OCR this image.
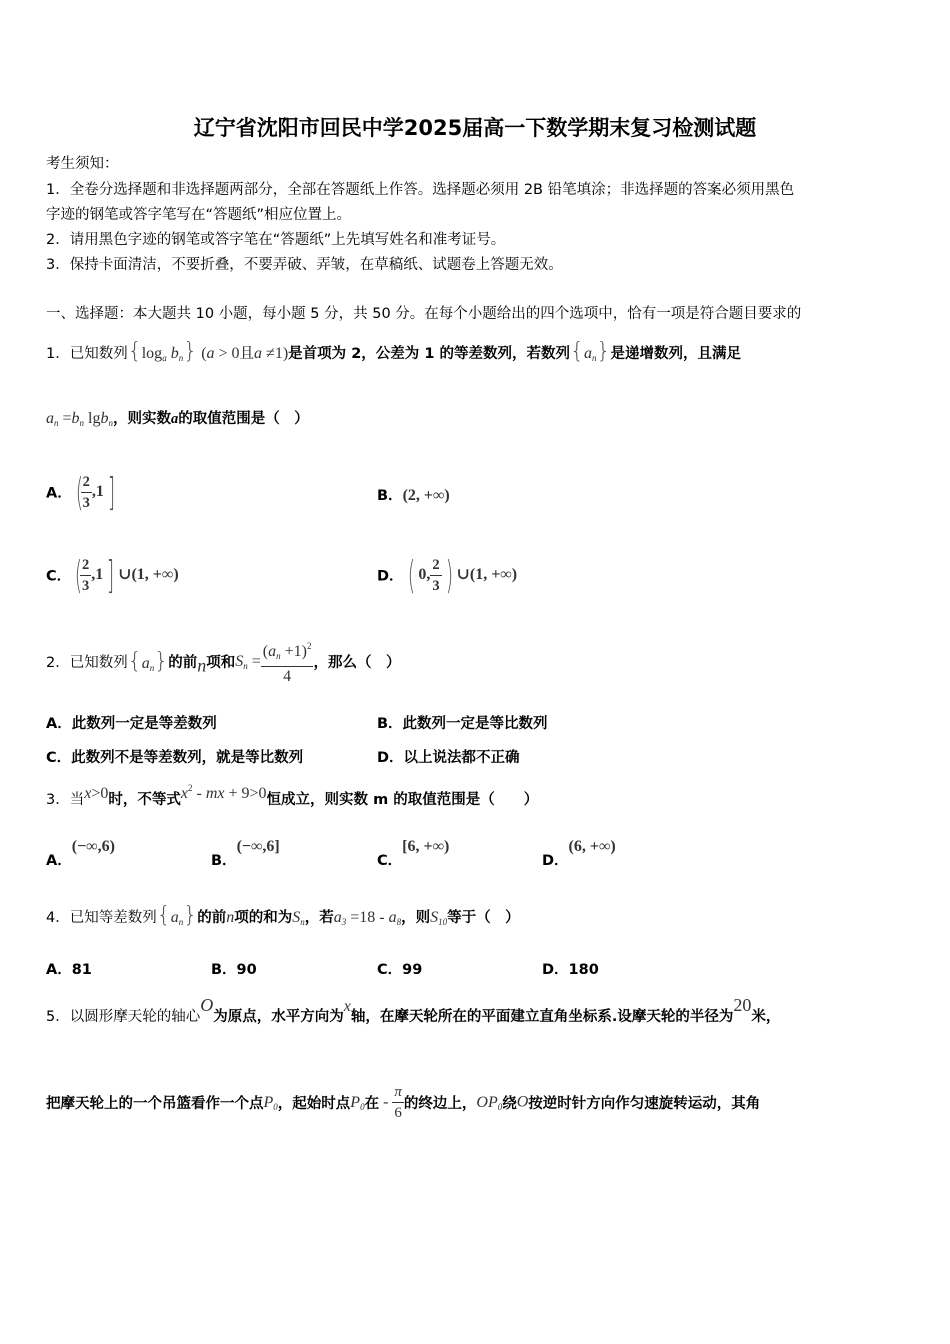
辽宁省沈阳市回民中学2025届高一下数学期末复习检测试题
考生须知：
1．全卷分选择题和非选择题两部分，全部在答题纸上作答。选择题必须用 2B 铅笔填涂；非选择题的答案必须用黑色
字迹的钢笔或答字笔写在“答题纸”相应位置上。
2．请用黑色字迹的钢笔或答字笔在“答题纸”上先填写姓名和准考证号。
3．保持卡面清洁，不要折叠，不要弄破、弄皱，在草稿纸、试题卷上答题无效。
一、选择题：本大题共 10 小题，每小题 5 分，共 50 分。在每个小题给出的四个选项中，恰有一项是符合题目要求的
1．已知数列{$\log_a$ $b_n$} (a > 0且a ≠1)是首项为 2，公差为 1 的等差数列，若数列$\{a_n\}$是递增数列，且满足
$a_n =b_n$ lgb$_n$，则实数a的取值范围是（　）
A．(
$\frac{2}{3} ,1$]	B．(2, +∞)
C．(
$\frac{2}{3} ,1$] ∪(1, +∞)	D．( 0, $\frac{2}{3}$ ) ∪(1, +∞)
2．已知数列$\{a_n\}$的前n项和$S_n = \frac{(a_n +1)^2}{4}$ ，那么（　）
A．此数列一定是等差数列	B．此数列一定是等比数列
C．此数列不是等差数列，就是等比数列	D．以上说法都不正确
3．当x>0时，不等式$x^2$ - mx + 9>0恒成立，则实数 m 的取值范围是（　　）
A．(−∞,6)
B．(−∞,6]
C．[6, +∞)
D．(6, +∞)
4．已知等差数列$\{a_n\}$的前n项的和为$S_n$，若$a_3 =18 - a_8$，则$S_{10}$等于（　）
A．81	B．90	C．99	D．180
5．以圆形摩天轮的轴心O为原点，水平方向为x轴，在摩天轮所在的平面建立直角坐标系.设摩天轮的半径为20米，
把摩天轮上的一个吊篮看作一个点$P_0$，起始时点$P_0$在 - $\frac{\pi}{6}$ 的终边上，$OP_0$绕O按逆时针方向作匀速旋转运动，其角
